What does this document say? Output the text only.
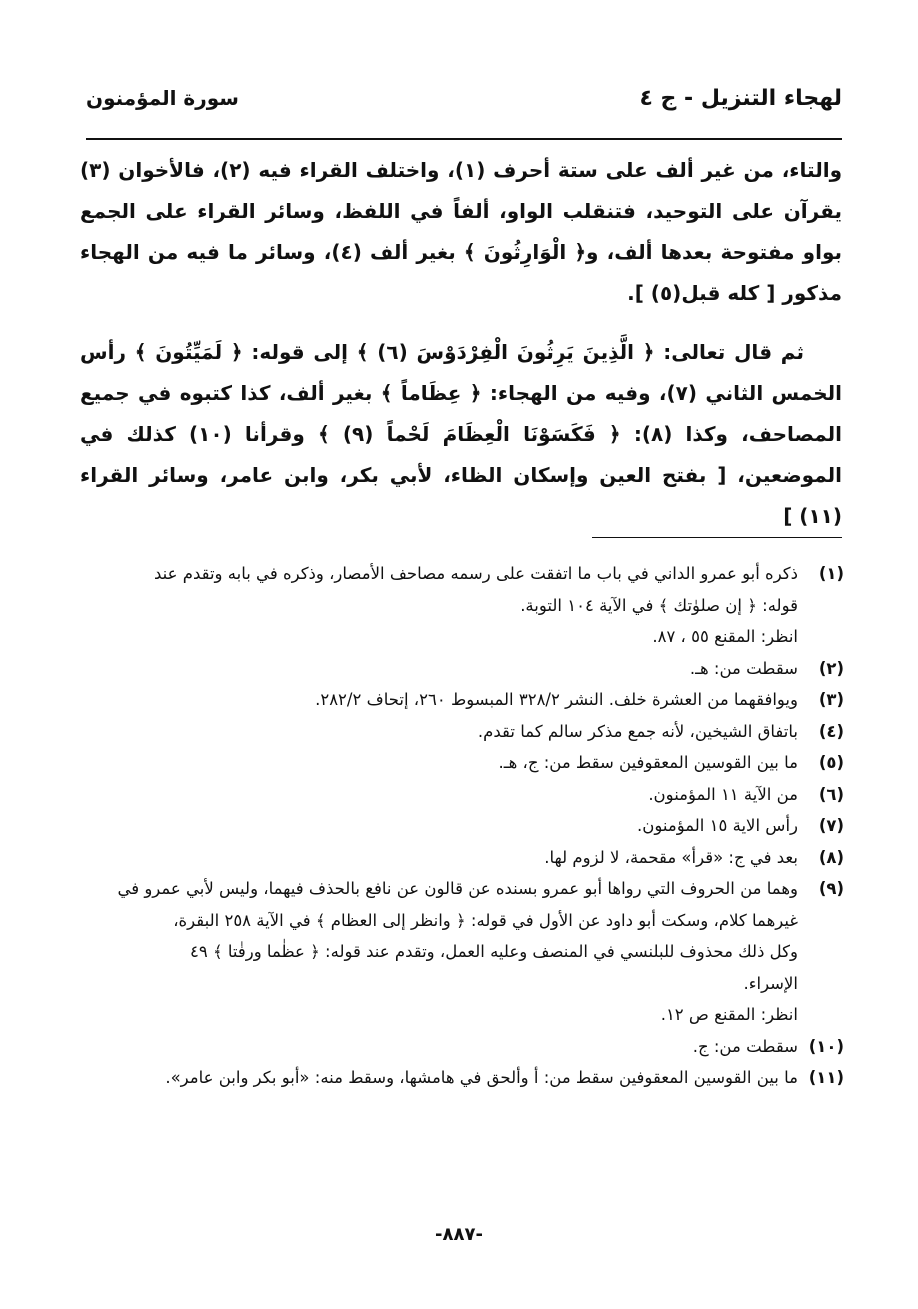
لهجاء التنزيل - ج ٤
سورة المؤمنون

والتاء، من غير ألف على ستة أحرف (١)، واختلف القراء فيه (٢)، فالأخوان (٣) يقرآن على التوحيد، فتنقلب الواو، ألفاً في اللفظ، وسائر القراء على الجمع بواو مفتوحة بعدها ألف، و﴿ الْوَارِثُونَ ﴾ بغير ألف (٤)، وسائر ما فيه من الهجاء مذكور [ كله قبل(٥) ].

ثم قال تعالى: ﴿ الَّذِينَ يَرِثُونَ الْفِرْدَوْسَ (٦) ﴾ إلى قوله: ﴿ لَمَيِّتُونَ ﴾ رأس الخمس الثاني (٧)، وفيه من الهجاء: ﴿ عِظَاماً ﴾ بغير ألف، كذا كتبوه في جميع المصاحف، وكذا (٨): ﴿ فَكَسَوْنَا الْعِظَامَ لَحْماً (٩) ﴾ وقرأنا (١٠) كذلك في الموضعين، [ بفتح العين وإسكان الظاء، لأبي بكر، وابن عامر، وسائر القراء (١١) ]

(١)
ذكره أبو عمرو الداني في باب ما اتفقت على رسمه مصاحف الأمصار، وذكره في بابه وتقدم عند
قوله: ﴿ إن صلوٰتك ﴾ في الآية ١٠٤ التوبة.
انظر: المقنع ٥٥ ، ٨٧.
(٢)
سقطت من: هـ.
(٣)
ويوافقهما من العشرة خلف. النشر ٣٢٨/٢ المبسوط ٢٦٠، إتحاف ٢٨٢/٢.
(٤)
باتفاق الشيخين، لأنه جمع مذكر سالم كما تقدم.
(٥)
ما بين القوسين المعقوفين سقط من: ج، هـ.
(٦)
من الآية ١١ المؤمنون.
(٧)
رأس الاية ١٥ المؤمنون.
(٨)
بعد في ج: «قرأ» مقحمة، لا لزوم لها.
(٩)
وهما من الحروف التي رواها أبو عمرو بسنده عن قالون عن نافع بالحذف فيهما، وليس لأبي عمرو في
غيرهما كلام، وسكت أبو داود عن الأول في قوله: ﴿ وانظر إلى العظام ﴾ في الآية ٢٥٨ البقرة،
وكل ذلك محذوف للبلنسي في المنصف وعليه العمل، وتقدم عند قوله: ﴿ عظٰما ورفٰتا ﴾ ٤٩
الإسراء.
انظر: المقنع ص ١٢.
(١٠)
سقطت من: ج.
(١١)
ما بين القوسين المعقوفين سقط من: أ وألحق في هامشها، وسقط منه: «أبو بكر وابن عامر».
-٨٨٧-
